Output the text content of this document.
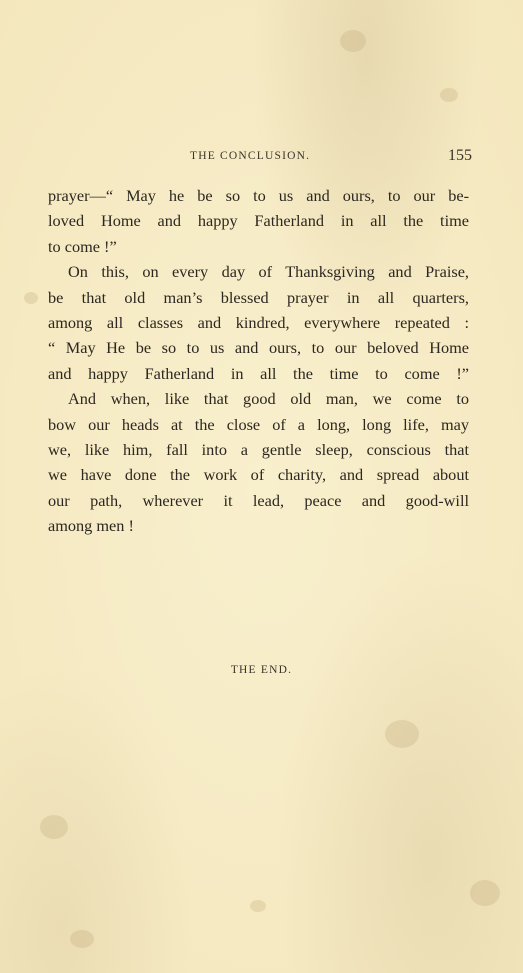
THE CONCLUSION.	155
prayer—“ May he be so to us and ours, to our be-
loved Home and happy Fatherland in all the time
to come !”
On this, on every day of Thanksgiving and Praise,
be that old man’s blessed prayer in all quarters,
among all classes and kindred, everywhere repeated :
“ May He be so to us and ours, to our beloved Home
and happy Fatherland in all the time to come !”
And when, like that good old man, we come to
bow our heads at the close of a long, long life, may
we, like him, fall into a gentle sleep, conscious that
we have done the work of charity, and spread about
our path, wherever it lead, peace and good-will
among men !
THE END.
